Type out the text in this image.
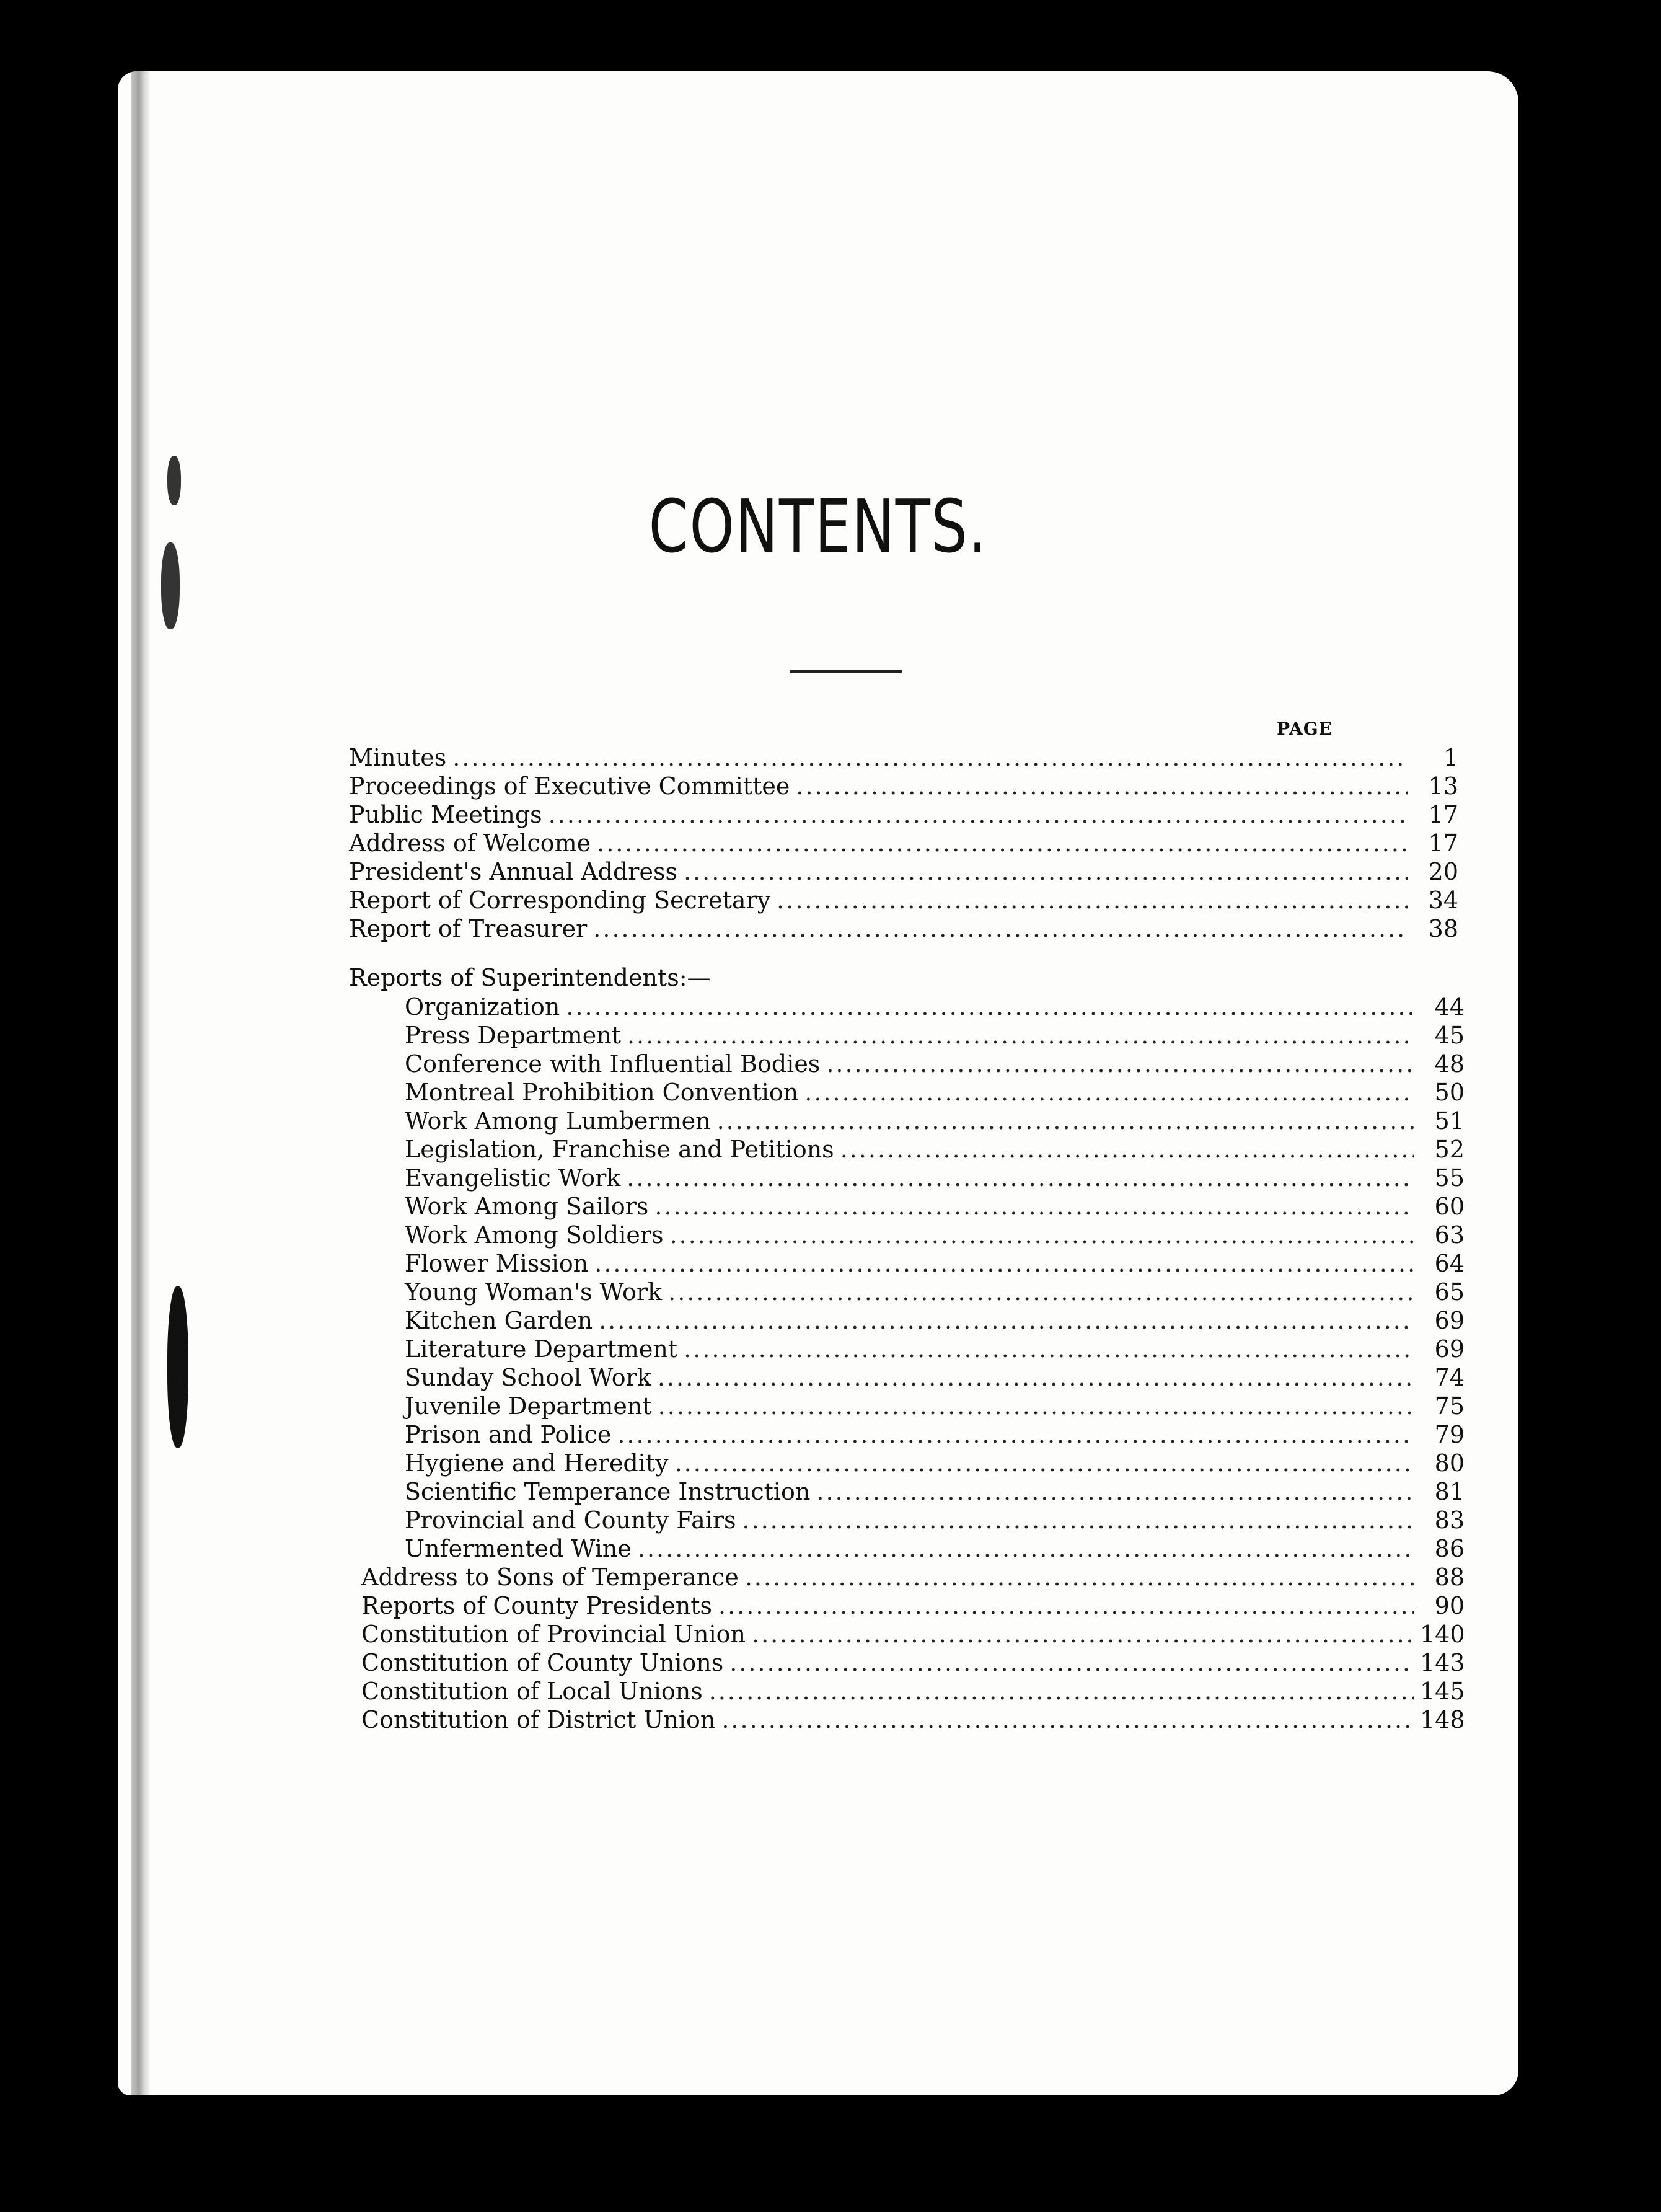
CONTENTS.
PAGE
Minutes .....	1
Proceedings of Executive Committee .....	13
Public Meetings .....	17
Address of Welcome .....	17
President's Annual Address .....	20
Report of Corresponding Secretary .....	34
Report of Treasurer .....	38
Reports of Superintendents:—
Organization .....	44
Press Department .....	45
Conference with Influential Bodies .....	48
Montreal Prohibition Convention .....	50
Work Among Lumbermen .....	51
Legislation, Franchise and Petitions .....	52
Evangelistic Work .....	55
Work Among Sailors .....	60
Work Among Soldiers .....	63
Flower Mission .....	64
Young Woman's Work .....	65
Kitchen Garden .....	69
Literature Department .....	69
Sunday School Work .....	74
Juvenile Department .....	75
Prison and Police .....	79
Hygiene and Heredity .....	80
Scientific Temperance Instruction .....	81
Provincial and County Fairs .....	83
Unfermented Wine .....	86
Address to Sons of Temperance .....	88
Reports of County Presidents .....	90
Constitution of Provincial Union .....	140
Constitution of County Unions .....	143
Constitution of Local Unions .....	145
Constitution of District Union .....	148
